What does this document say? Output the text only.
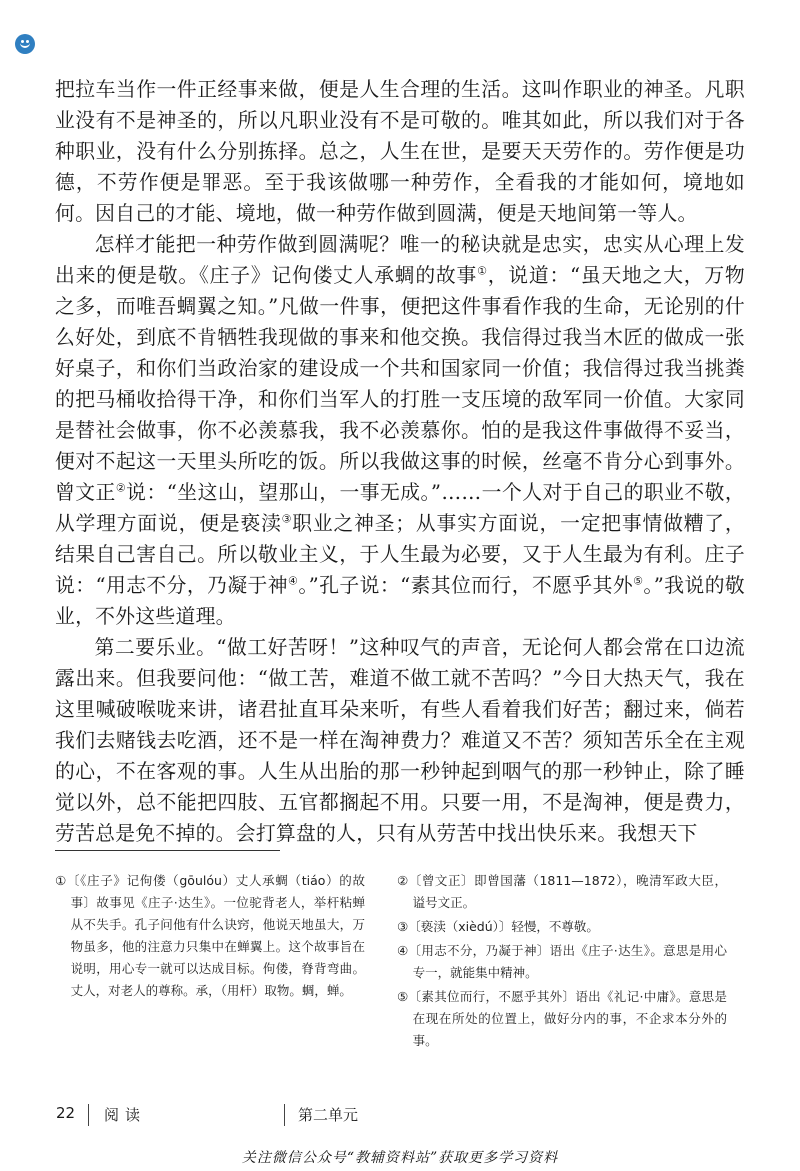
把拉车当作一件正经事来做，便是人生合理的生活。这叫作职业的神圣。凡职业没有不是神圣的，所以凡职业没有不是可敬的。唯其如此，所以我们对于各种职业，没有什么分别拣择。总之，人生在世，是要天天劳作的。劳作便是功德，不劳作便是罪恶。至于我该做哪一种劳作，全看我的才能如何，境地如何。因自己的才能、境地，做一种劳作做到圆满，便是天地间第一等人。

怎样才能把一种劳作做到圆满呢？唯一的秘诀就是忠实，忠实从心理上发出来的便是敬。《庄子》记佝偻丈人承蜩的故事①，说道：“虽天地之大，万物之多，而唯吾蜩翼之知。”凡做一件事，便把这件事看作我的生命，无论别的什么好处，到底不肯牺牲我现做的事来和他交换。我信得过我当木匠的做成一张好桌子，和你们当政治家的建设成一个共和国家同一价值；我信得过我当挑粪的把马桶收拾得干净，和你们当军人的打胜一支压境的敌军同一价值。大家同是替社会做事，你不必羡慕我，我不必羡慕你。怕的是我这件事做得不妥当，便对不起这一天里头所吃的饭。所以我做这事的时候，丝毫不肯分心到事外。曾文正②说：“坐这山，望那山，一事无成。”……一个人对于自己的职业不敬，从学理方面说，便是亵渎③职业之神圣；从事实方面说，一定把事情做糟了，结果自己害自己。所以敬业主义，于人生最为必要，又于人生最为有利。庄子说：“用志不分，乃凝于神④。”孔子说：“素其位而行，不愿乎其外⑤。”我说的敬业，不外这些道理。

第二要乐业。“做工好苦呀！”这种叹气的声音，无论何人都会常在口边流露出来。但我要问他：“做工苦，难道不做工就不苦吗？”今日大热天气，我在这里喊破喉咙来讲，诸君扯直耳朵来听，有些人看着我们好苦；翻过来，倘若我们去赌钱去吃酒，还不是一样在淘神费力？难道又不苦？须知苦乐全在主观的心，不在客观的事。人生从出胎的那一秒钟起到咽气的那一秒钟止，除了睡觉以外，总不能把四肢、五官都搁起不用。只要一用，不是淘神，便是费力，劳苦总是免不掉的。会打算盘的人，只有从劳苦中找出快乐来。我想天下

①〔《庄子》记佝偻（gōulóu）丈人承蜩（tiáo）的故事〕故事见《庄子·达生》。一位驼背老人，举杆粘蝉从不失手。孔子问他有什么诀窍，他说天地虽大，万物虽多，他的注意力只集中在蝉翼上。这个故事旨在说明，用心专一就可以达成目标。佝偻，脊背弯曲。丈人，对老人的尊称。承，（用杆）取物。蜩，蝉。

②〔曾文正〕即曾国藩（1811—1872），晚清军政大臣，谥号文正。

③〔亵渎（xièdú）〕轻慢，不尊敬。

④〔用志不分，乃凝于神〕语出《庄子·达生》。意思是用心专一，就能集中精神。

⑤〔素其位而行，不愿乎其外〕语出《礼记·中庸》。意思是在现在所处的位置上，做好分内的事，不企求本分外的事。

22 阅读	第二单元
关注微信公众号“教辅资料站”获取更多学习资料
